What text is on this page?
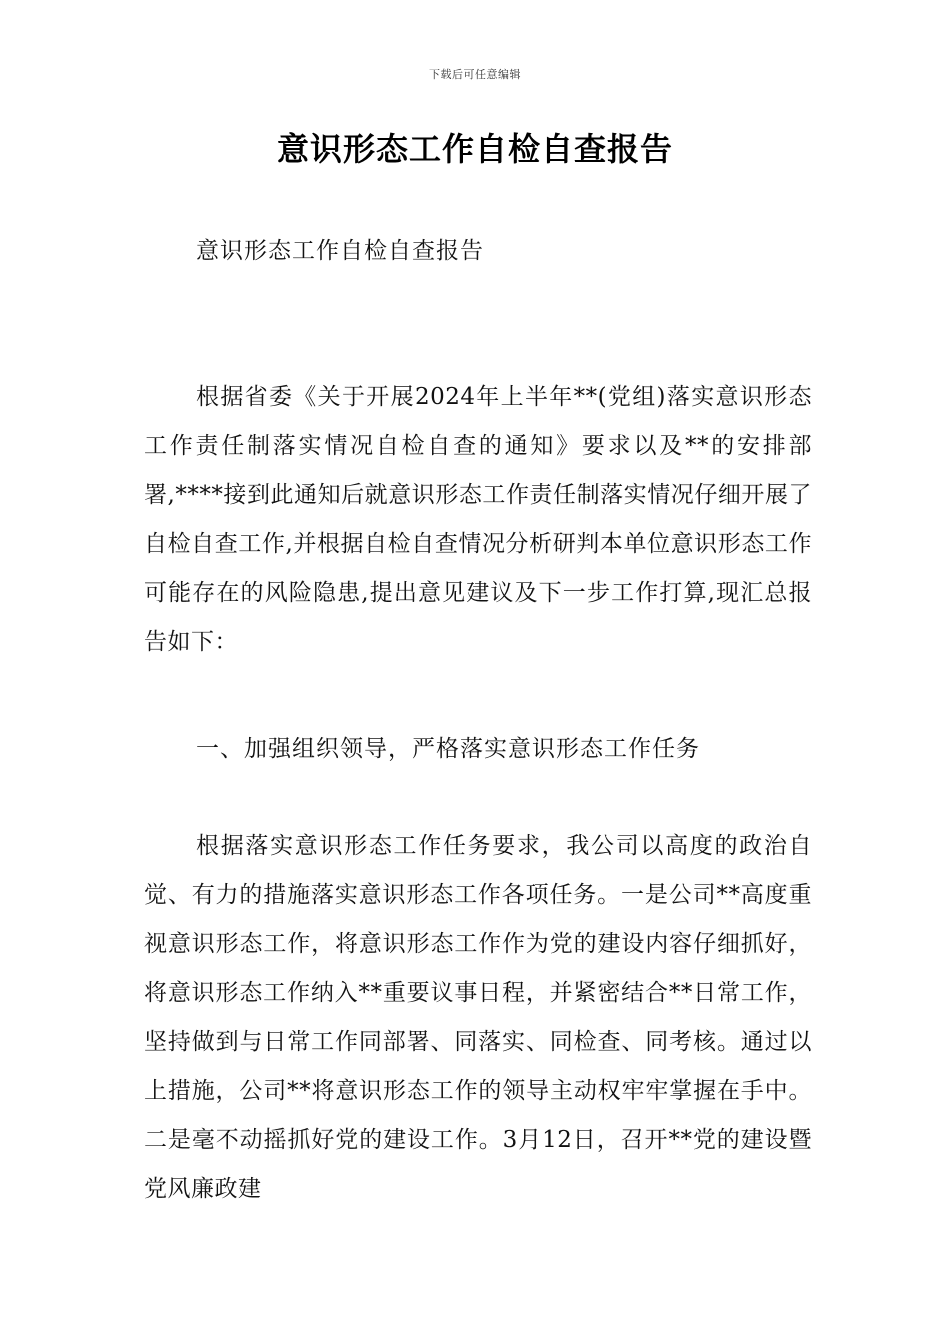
下载后可任意编辑
意识形态工作自检自查报告

意识形态工作自检自查报告

根据省委《关于开展2024年上半年**(党组)落实意识形态工作责任制落实情况自检自查的通知》要求以及**的安排部署,****接到此通知后就意识形态工作责任制落实情况仔细开展了自检自查工作,并根据自检自查情况分析研判本单位意识形态工作可能存在的风险隐患,提出意见建议及下一步工作打算,现汇总报告如下：

一、加强组织领导，严格落实意识形态工作任务

根据落实意识形态工作任务要求，我公司以高度的政治自觉、有力的措施落实意识形态工作各项任务。一是公司**高度重视意识形态工作，将意识形态工作作为党的建设内容仔细抓好，将意识形态工作纳入**重要议事日程，并紧密结合**日常工作，坚持做到与日常工作同部署、同落实、同检查、同考核。通过以上措施，公司**将意识形态工作的领导主动权牢牢掌握在手中。二是毫不动摇抓好党的建设工作。3月12日，召开**党的建设暨党风廉政建
